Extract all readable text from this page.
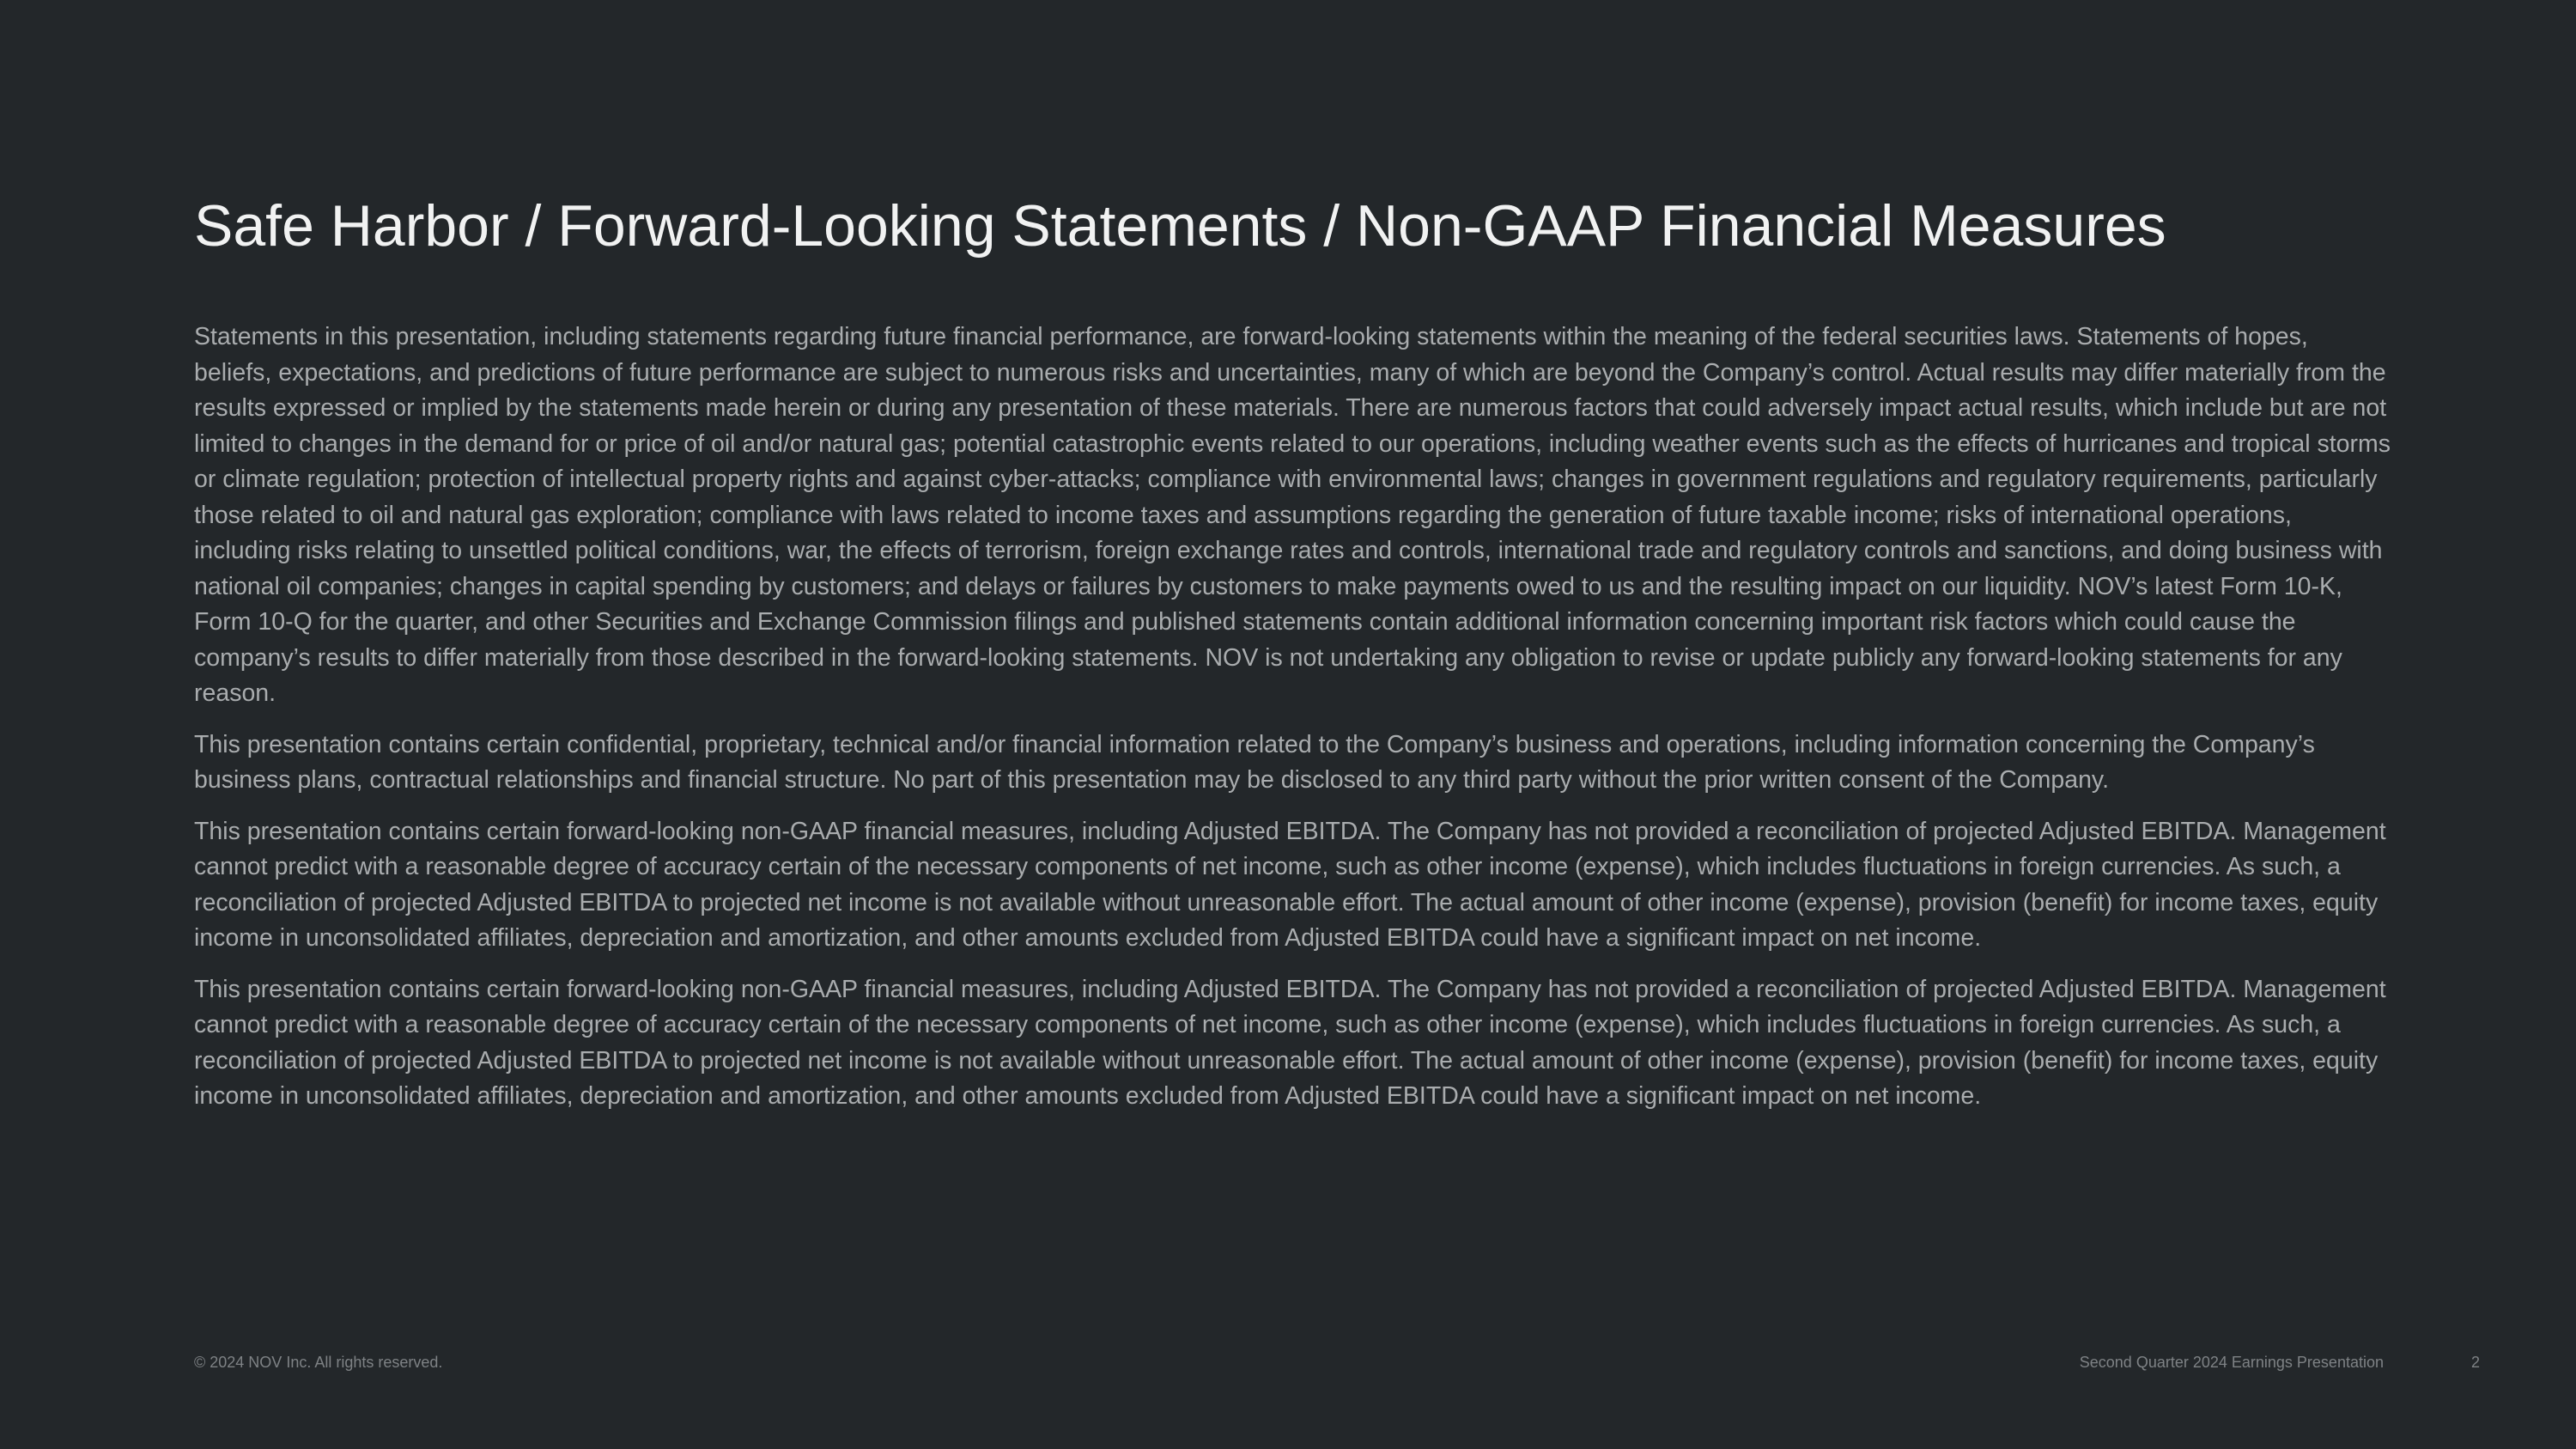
Safe Harbor / Forward-Looking Statements / Non-GAAP Financial Measures

Statements in this presentation, including statements regarding future financial performance, are forward-looking statements within the meaning of the federal securities laws. Statements of hopes, beliefs, expectations, and predictions of future performance are subject to numerous risks and uncertainties, many of which are beyond the Company’s control. Actual results may differ materially from the results expressed or implied by the statements made herein or during any presentation of these materials. There are numerous factors that could adversely impact actual results, which include but are not limited to changes in the demand for or price of oil and/or natural gas; potential catastrophic events related to our operations, including weather events such as the effects of hurricanes and tropical storms or climate regulation; protection of intellectual property rights and against cyber-attacks; compliance with environmental laws; changes in government regulations and regulatory requirements, particularly those related to oil and natural gas exploration; compliance with laws related to income taxes and assumptions regarding the generation of future taxable income; risks of international operations, including risks relating to unsettled political conditions, war, the effects of terrorism, foreign exchange rates and controls, international trade and regulatory controls and sanctions, and doing business with national oil companies; changes in capital spending by customers; and delays or failures by customers to make payments owed to us and the resulting impact on our liquidity. NOV’s latest Form 10-K, Form 10-Q for the quarter, and other Securities and Exchange Commission filings and published statements contain additional information concerning important risk factors which could cause the company’s results to differ materially from those described in the forward-looking statements. NOV is not undertaking any obligation to revise or update publicly any forward-looking statements for any reason.

This presentation contains certain confidential, proprietary, technical and/or financial information related to the Company’s business and operations, including information concerning the Company’s business plans, contractual relationships and financial structure. No part of this presentation may be disclosed to any third party without the prior written consent of the Company.

This presentation contains certain forward-looking non-GAAP financial measures, including Adjusted EBITDA. The Company has not provided a reconciliation of projected Adjusted EBITDA. Management cannot predict with a reasonable degree of accuracy certain of the necessary components of net income, such as other income (expense), which includes fluctuations in foreign currencies. As such, a reconciliation of projected Adjusted EBITDA to projected net income is not available without unreasonable effort. The actual amount of other income (expense), provision (benefit) for income taxes, equity income in unconsolidated affiliates, depreciation and amortization, and other amounts excluded from Adjusted EBITDA could have a significant impact on net income.

This presentation contains certain forward-looking non-GAAP financial measures, including Adjusted EBITDA. The Company has not provided a reconciliation of projected Adjusted EBITDA. Management cannot predict with a reasonable degree of accuracy certain of the necessary components of net income, such as other income (expense), which includes fluctuations in foreign currencies. As such, a reconciliation of projected Adjusted EBITDA to projected net income is not available without unreasonable effort. The actual amount of other income (expense), provision (benefit) for income taxes, equity income in unconsolidated affiliates, depreciation and amortization, and other amounts excluded from Adjusted EBITDA could have a significant impact on net income.

© 2024 NOV Inc. All rights reserved.	Second Quarter 2024 Earnings Presentation	2
